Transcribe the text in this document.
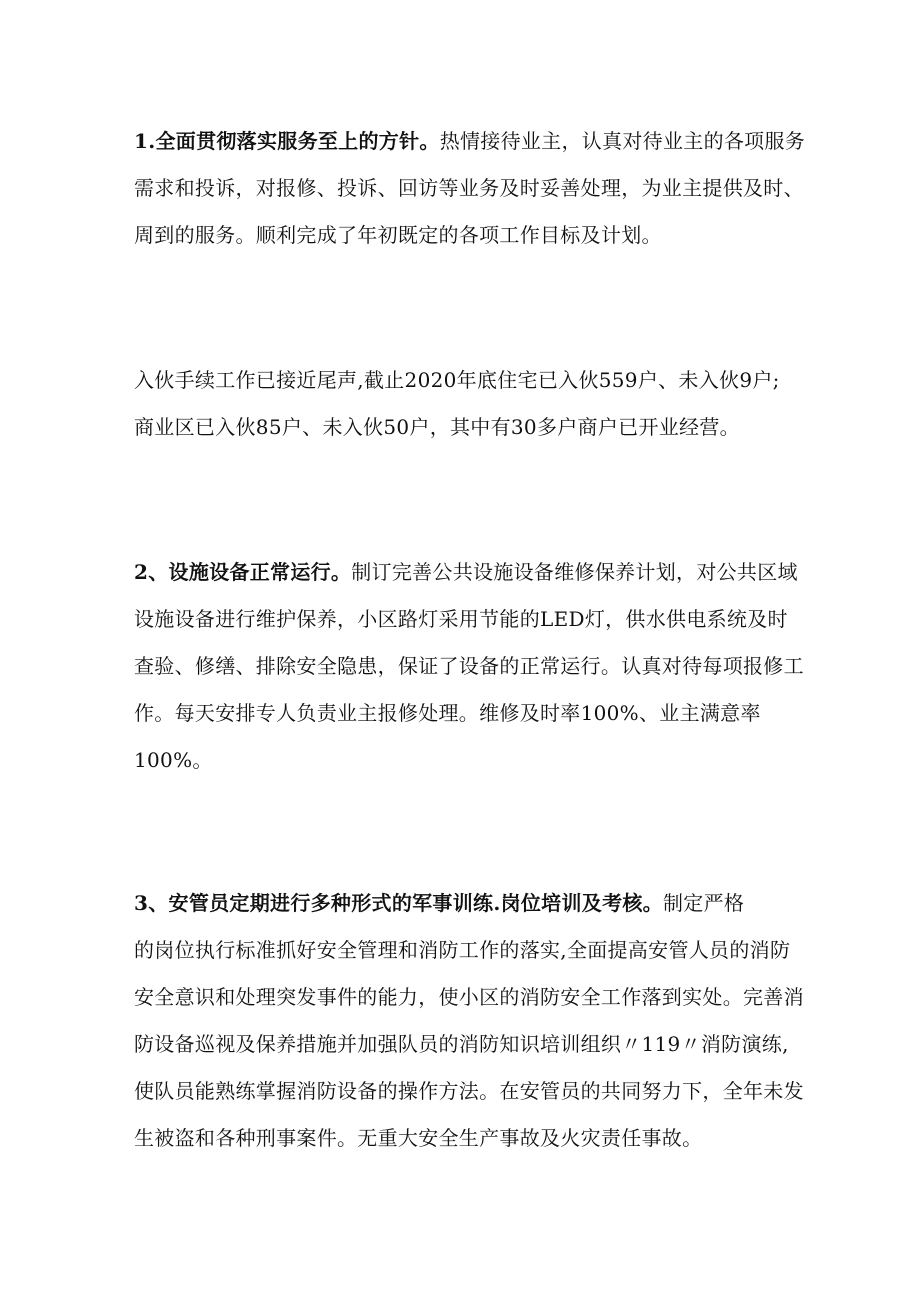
1.全面贯彻落实服务至上的方针。热情接待业主，认真对待业主的各项服务
需求和投诉，对报修、投诉、回访等业务及时妥善处理，为业主提供及时、
周到的服务。顺利完成了年初既定的各项工作目标及计划。

入伙手续工作已接近尾声,截止2020年底住宅已入伙559户、未入伙9户;
商业区已入伙85户、未入伙50户，其中有30多户商户已开业经营。

2、设施设备正常运行。制订完善公共设施设备维修保养计划，对公共区域
设施设备进行维护保养，小区路灯采用节能的LED灯，供水供电系统及时
查验、修缮、排除安全隐患，保证了设备的正常运行。认真对待每项报修工
作。每天安排专人负责业主报修处理。维修及时率100%、业主满意率
100%。

3、安管员定期进行多种形式的军事训练.岗位培训及考核。制定严格
的岗位执行标准抓好安全管理和消防工作的落实,全面提高安管人员的消防
安全意识和处理突发事件的能力，使小区的消防安全工作落到实处。完善消
防设备巡视及保养措施并加强队员的消防知识培训组织〃119〃消防演练,
使队员能熟练掌握消防设备的操作方法。在安管员的共同努力下，全年未发
生被盗和各种刑事案件。无重大安全生产事故及火灾责任事故。
